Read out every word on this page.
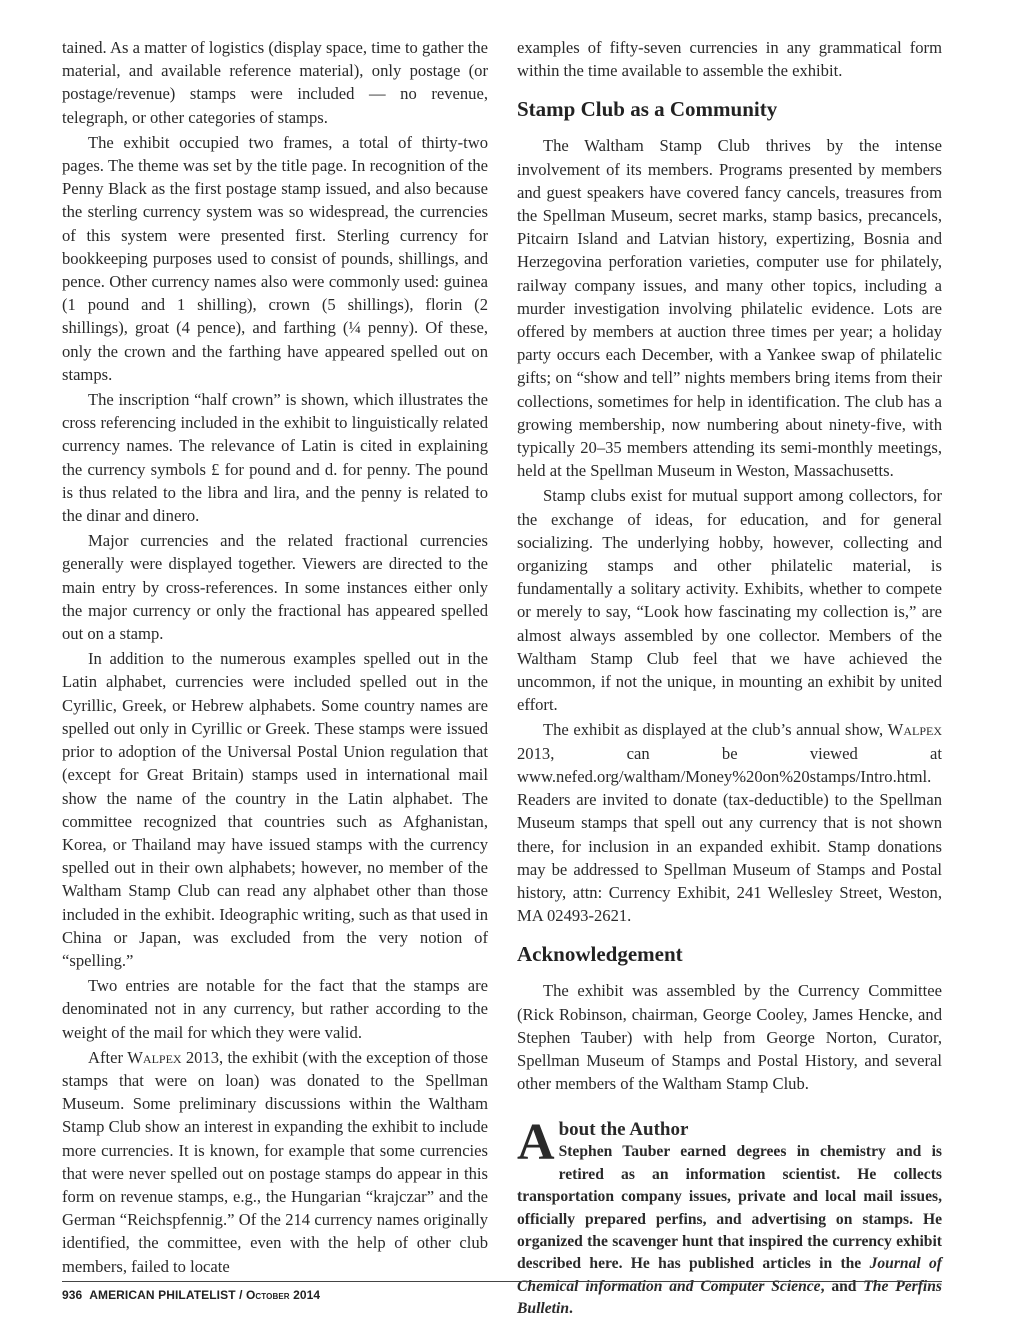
tained. As a matter of logistics (display space, time to gather the material, and available reference material), only postage (or postage/revenue) stamps were included — no revenue, telegraph, or other categories of stamps.

The exhibit occupied two frames, a total of thirty-two pages. The theme was set by the title page. In recognition of the Penny Black as the first postage stamp issued, and also because the sterling currency system was so widespread, the currencies of this system were presented first. Sterling currency for bookkeeping purposes used to consist of pounds, shillings, and pence. Other currency names also were commonly used: guinea (1 pound and 1 shilling), crown (5 shillings), florin (2 shillings), groat (4 pence), and farthing (¼ penny). Of these, only the crown and the farthing have appeared spelled out on stamps.

The inscription “half crown” is shown, which illustrates the cross referencing included in the exhibit to linguistically related currency names. The relevance of Latin is cited in explaining the currency symbols £ for pound and d. for penny. The pound is thus related to the libra and lira, and the penny is related to the dinar and dinero.

Major currencies and the related fractional currencies generally were displayed together. Viewers are directed to the main entry by cross-references. In some instances either only the major currency or only the fractional has appeared spelled out on a stamp.

In addition to the numerous examples spelled out in the Latin alphabet, currencies were included spelled out in the Cyrillic, Greek, or Hebrew alphabets. Some country names are spelled out only in Cyrillic or Greek. These stamps were issued prior to adoption of the Universal Postal Union regulation that (except for Great Britain) stamps used in international mail show the name of the country in the Latin alphabet. The committee recognized that countries such as Afghanistan, Korea, or Thailand may have issued stamps with the currency spelled out in their own alphabets; however, no member of the Waltham Stamp Club can read any alphabet other than those included in the exhibit. Ideographic writing, such as that used in China or Japan, was excluded from the very notion of “spelling.”

Two entries are notable for the fact that the stamps are denominated not in any currency, but rather according to the weight of the mail for which they were valid.

After Walpex 2013, the exhibit (with the exception of those stamps that were on loan) was donated to the Spellman Museum. Some preliminary discussions within the Waltham Stamp Club show an interest in expanding the exhibit to include more currencies. It is known, for example that some currencies that were never spelled out on postage stamps do appear in this form on revenue stamps, e.g., the Hungarian “krajczar” and the German “Reichspfennig.” Of the 214 currency names originally identified, the committee, even with the help of other club members, failed to locate

examples of fifty-seven currencies in any grammatical form within the time available to assemble the exhibit.

Stamp Club as a Community

The Waltham Stamp Club thrives by the intense involvement of its members. Programs presented by members and guest speakers have covered fancy cancels, treasures from the Spellman Museum, secret marks, stamp basics, precancels, Pitcairn Island and Latvian history, expertizing, Bosnia and Herzegovina perforation varieties, computer use for philately, railway company issues, and many other topics, including a murder investigation involving philatelic evidence. Lots are offered by members at auction three times per year; a holiday party occurs each December, with a Yankee swap of philatelic gifts; on “show and tell” nights members bring items from their collections, sometimes for help in identification. The club has a growing membership, now numbering about ninety-five, with typically 20–35 members attending its semi-monthly meetings, held at the Spellman Museum in Weston, Massachusetts.

Stamp clubs exist for mutual support among collectors, for the exchange of ideas, for education, and for general socializing. The underlying hobby, however, collecting and organizing stamps and other philatelic material, is fundamentally a solitary activity. Exhibits, whether to compete or merely to say, “Look how fascinating my collection is,” are almost always assembled by one collector. Members of the Waltham Stamp Club feel that we have achieved the uncommon, if not the unique, in mounting an exhibit by united effort.

The exhibit as displayed at the club’s annual show, Walpex 2013, can be viewed at www.nefed.org/waltham/Money%20on%20stamps/Intro.html. Readers are invited to donate (tax-deductible) to the Spellman Museum stamps that spell out any currency that is not shown there, for inclusion in an expanded exhibit. Stamp donations may be addressed to Spellman Museum of Stamps and Postal history, attn: Currency Exhibit, 241 Wellesley Street, Weston, MA 02493-2621.

Acknowledgement

The exhibit was assembled by the Currency Committee (Rick Robinson, chairman, George Cooley, James Hencke, and Stephen Tauber) with help from George Norton, Curator, Spellman Museum of Stamps and Postal History, and several other members of the Waltham Stamp Club.

A bout the Author

Stephen Tauber earned degrees in chemistry and is retired as an information scientist. He collects transportation company issues, private and local mail issues, officially prepared perfins, and advertising on stamps. He organized the scavenger hunt that inspired the currency exhibit described here. He has published articles in the Journal of Chemical information and Computer Science, and The Perfins Bulletin.

936 AMERICAN PHILATELIST / October 2014
